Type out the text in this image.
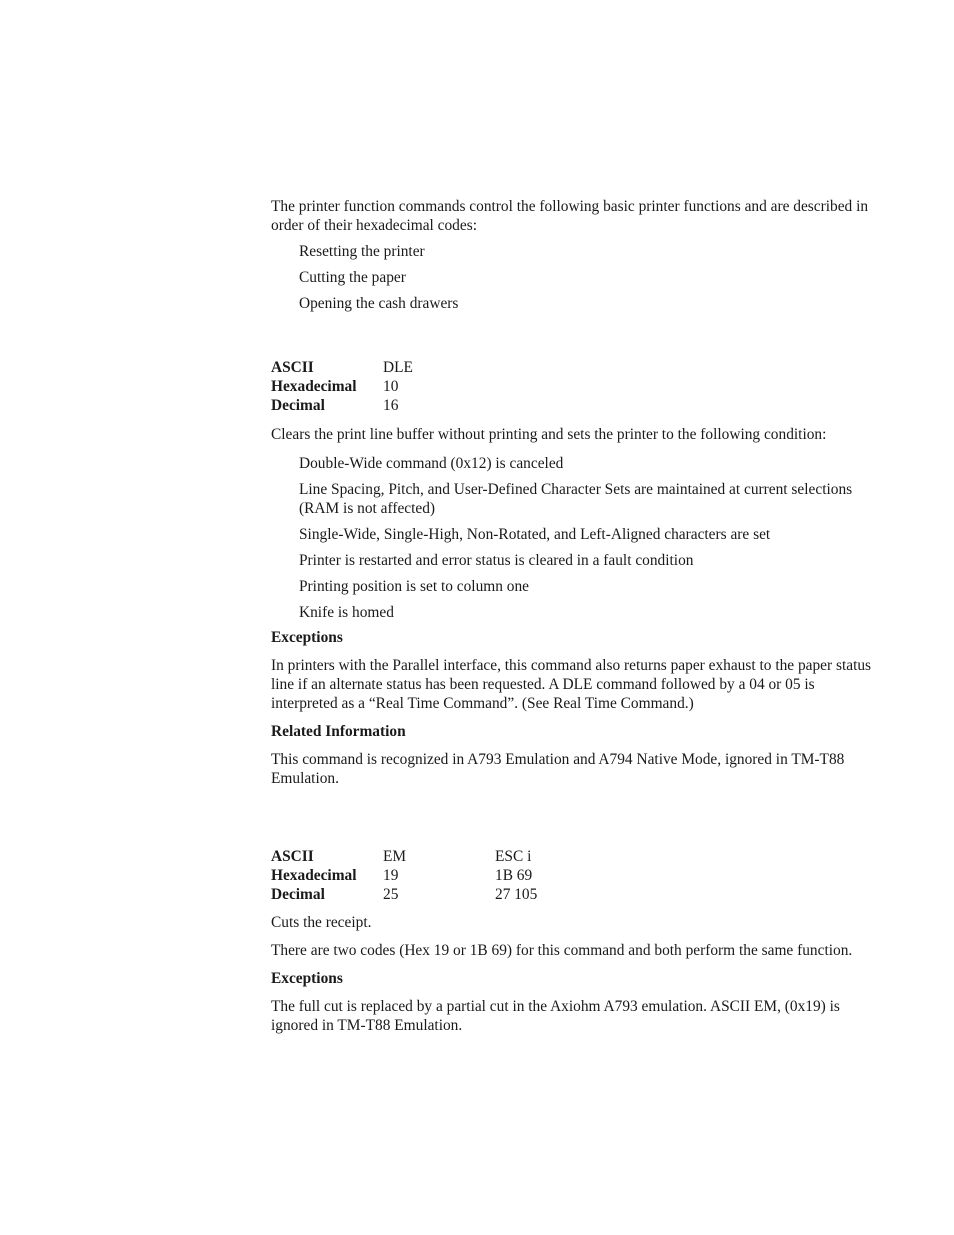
The printer function commands control the following basic printer functions and are described in order of their hexadecimal codes:

Resetting the printer
Cutting the paper
Opening the cash drawers
ASCII	DLE
Hexadecimal	10
Decimal	16

Clears the print line buffer without printing and sets the printer to the following condition:

Double-Wide command (0x12) is canceled
Line Spacing, Pitch, and User-Defined Character Sets are maintained at current selections (RAM is not affected)
Single-Wide, Single-High, Non-Rotated, and Left-Aligned characters are set
Printer is restarted and error status is cleared in a fault condition
Printing position is set to column one
Knife is homed

Exceptions

In printers with the Parallel interface, this command also returns paper exhaust to the paper status line if an alternate status has been requested. A DLE command followed by a 04 or 05 is interpreted as a “Real Time Command”. (See Real Time Command.)

Related Information

This command is recognized in A793 Emulation and A794 Native Mode, ignored in TM-T88 Emulation.

ASCII	EM	ESC i
Hexadecimal	19	1B 69
Decimal	25	27 105

Cuts the receipt.

There are two codes (Hex 19 or 1B 69) for this command and both perform the same function.

Exceptions

The full cut is replaced by a partial cut in the Axiohm A793 emulation. ASCII EM, (0x19) is ignored in TM-T88 Emulation.
